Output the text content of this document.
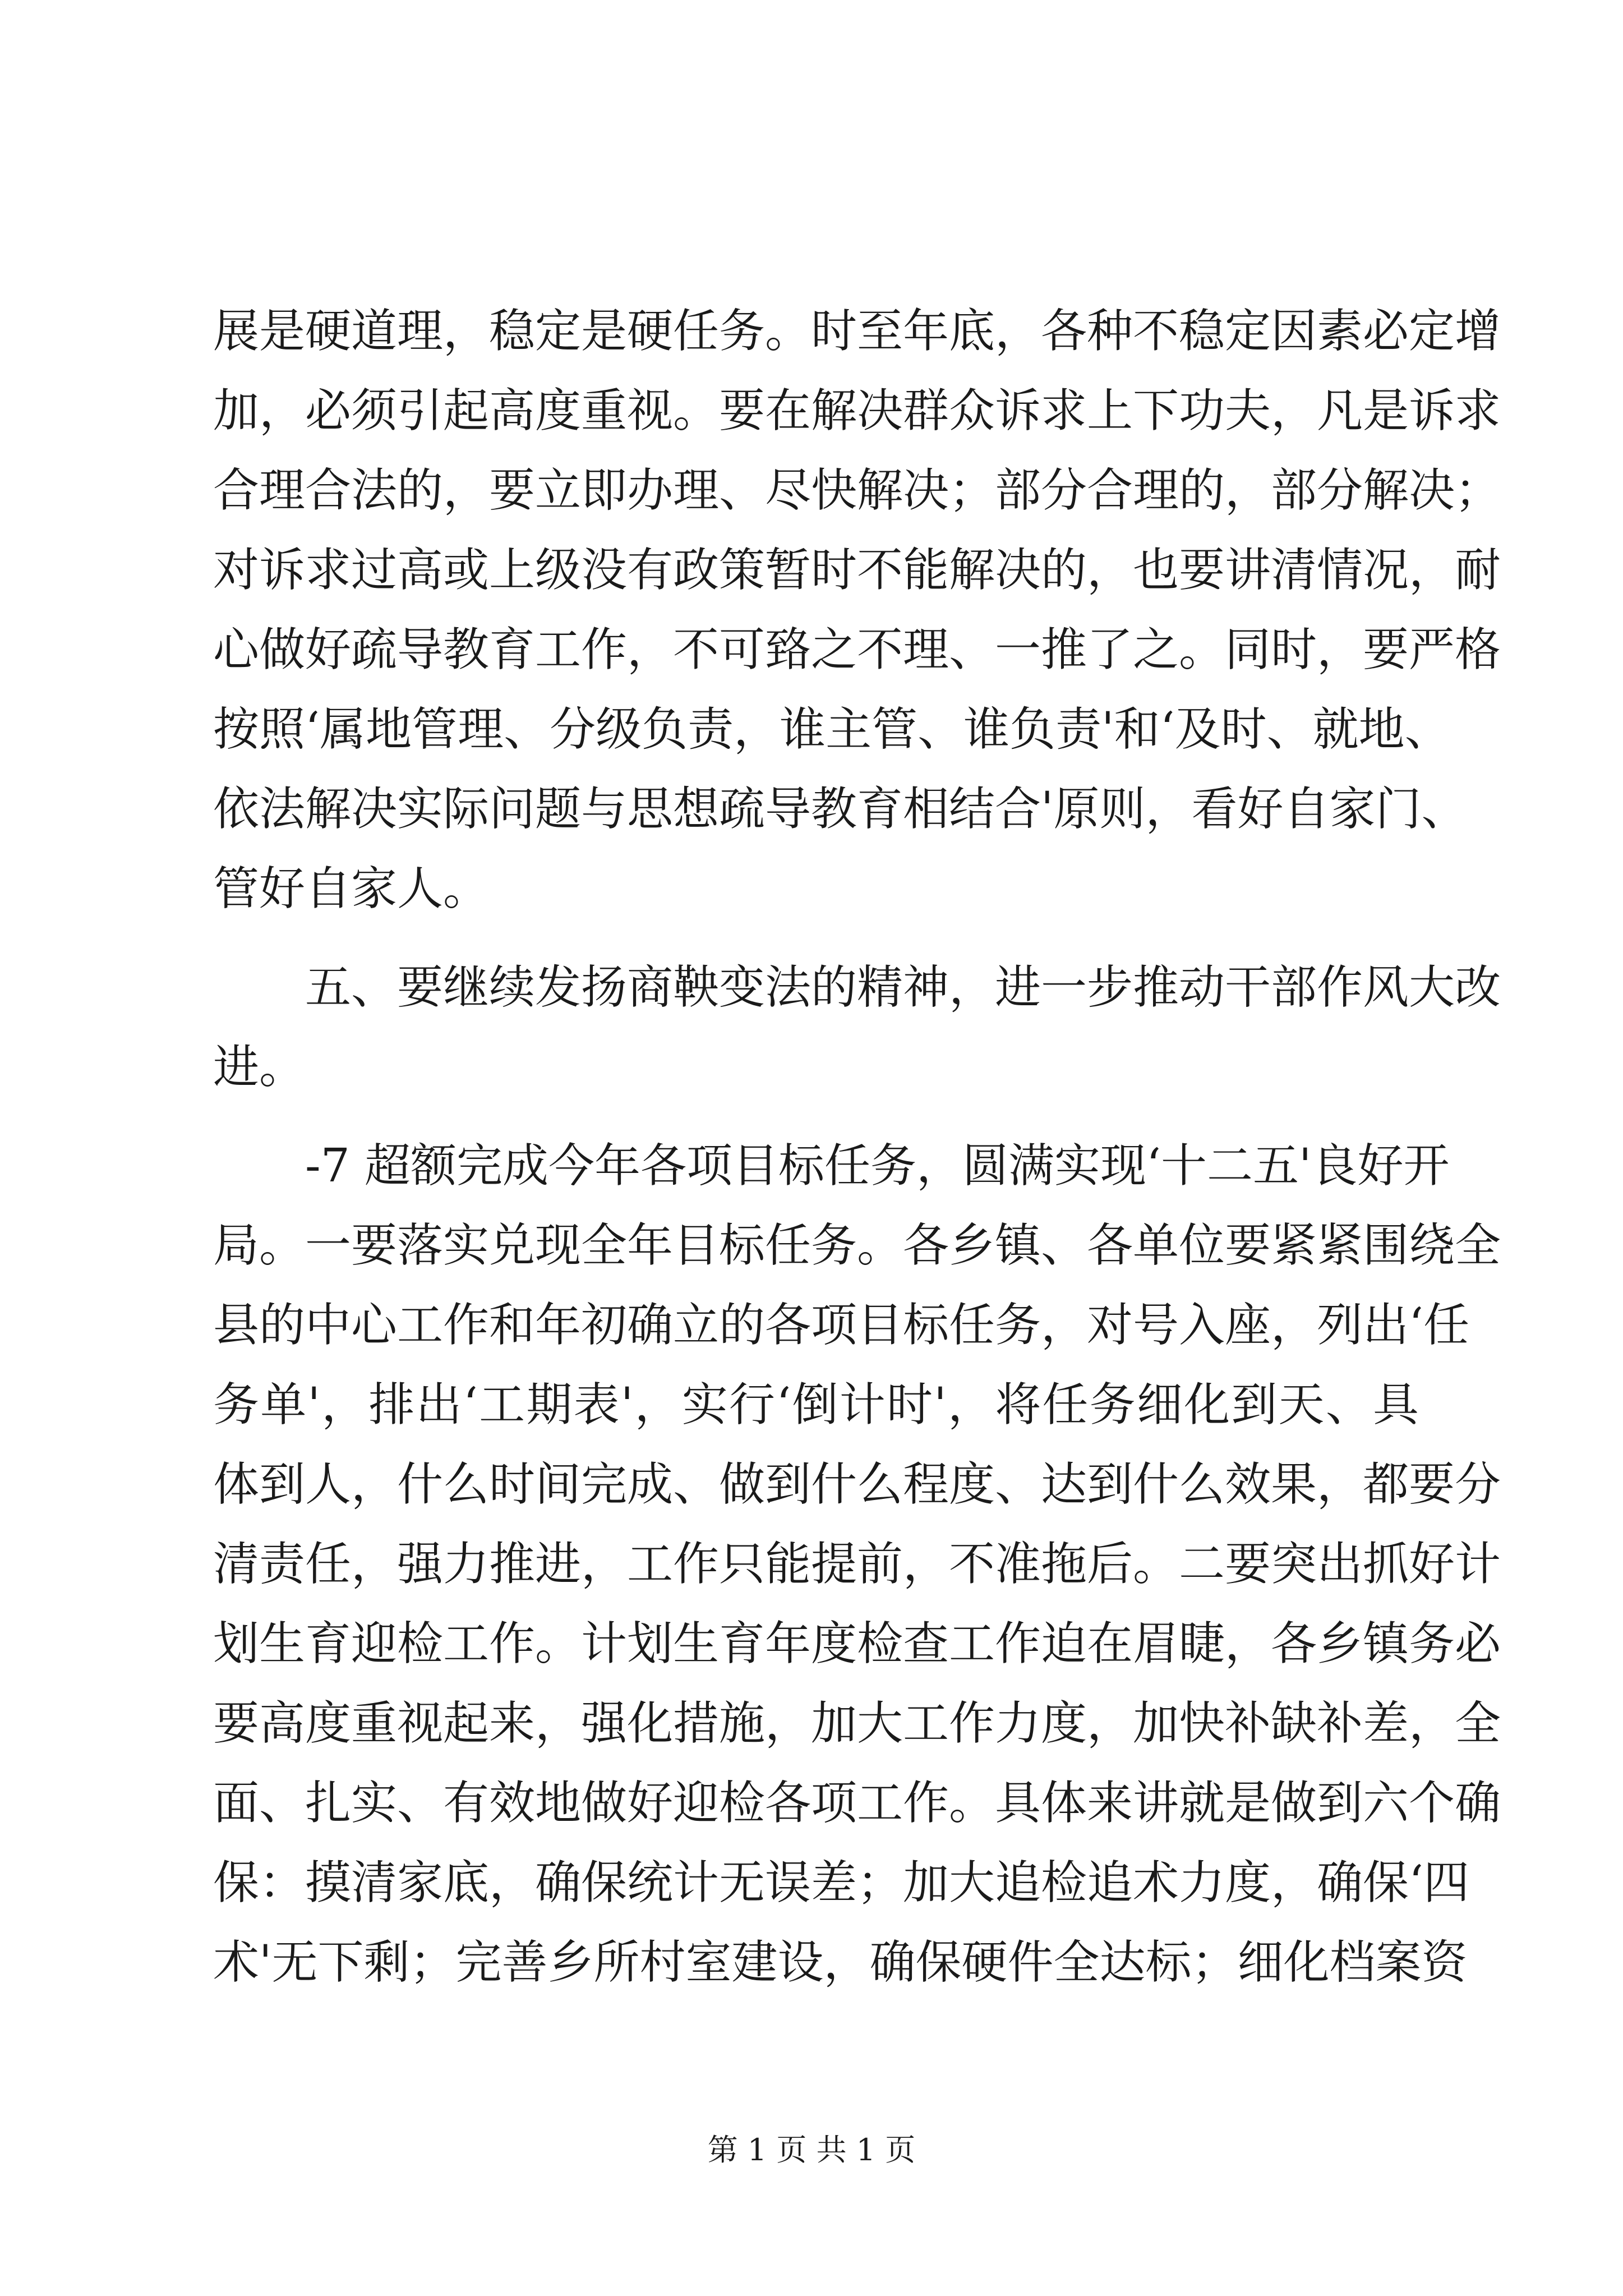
展是硬道理，稳定是硬任务。时至年底，各种不稳定因素必定增
加，必须引起高度重视。要在解决群众诉求上下功夫，凡是诉求
合理合法的，要立即办理、尽快解决；部分合理的，部分解决；
对诉求过高或上级没有政策暂时不能解决的，也要讲清情况，耐
心做好疏导教育工作，不可臵之不理、一推了之。同时，要严格
按照‘属地管理、分级负责，谁主管、谁负责'和‘及时、就地、
依法解决实际问题与思想疏导教育相结合'原则，看好自家门、
管好自家人。
五、要继续发扬商鞅变法的精神，进一步推动干部作风大改
进。
-7 超额完成今年各项目标任务，圆满实现‘十二五'良好开
局。一要落实兑现全年目标任务。各乡镇、各单位要紧紧围绕全
县的中心工作和年初确立的各项目标任务，对号入座，列出‘任
务单'，排出‘工期表'，实行‘倒计时'，将任务细化到天、具
体到人，什么时间完成、做到什么程度、达到什么效果，都要分
清责任，强力推进，工作只能提前，不准拖后。二要突出抓好计
划生育迎检工作。计划生育年度检查工作迫在眉睫，各乡镇务必
要高度重视起来，强化措施，加大工作力度，加快补缺补差，全
面、扎实、有效地做好迎检各项工作。具体来讲就是做到六个确
保：摸清家底，确保统计无误差；加大追检追术力度，确保‘四
术'无下剩；完善乡所村室建设，确保硬件全达标；细化档案资
第 1 页 共 1 页
